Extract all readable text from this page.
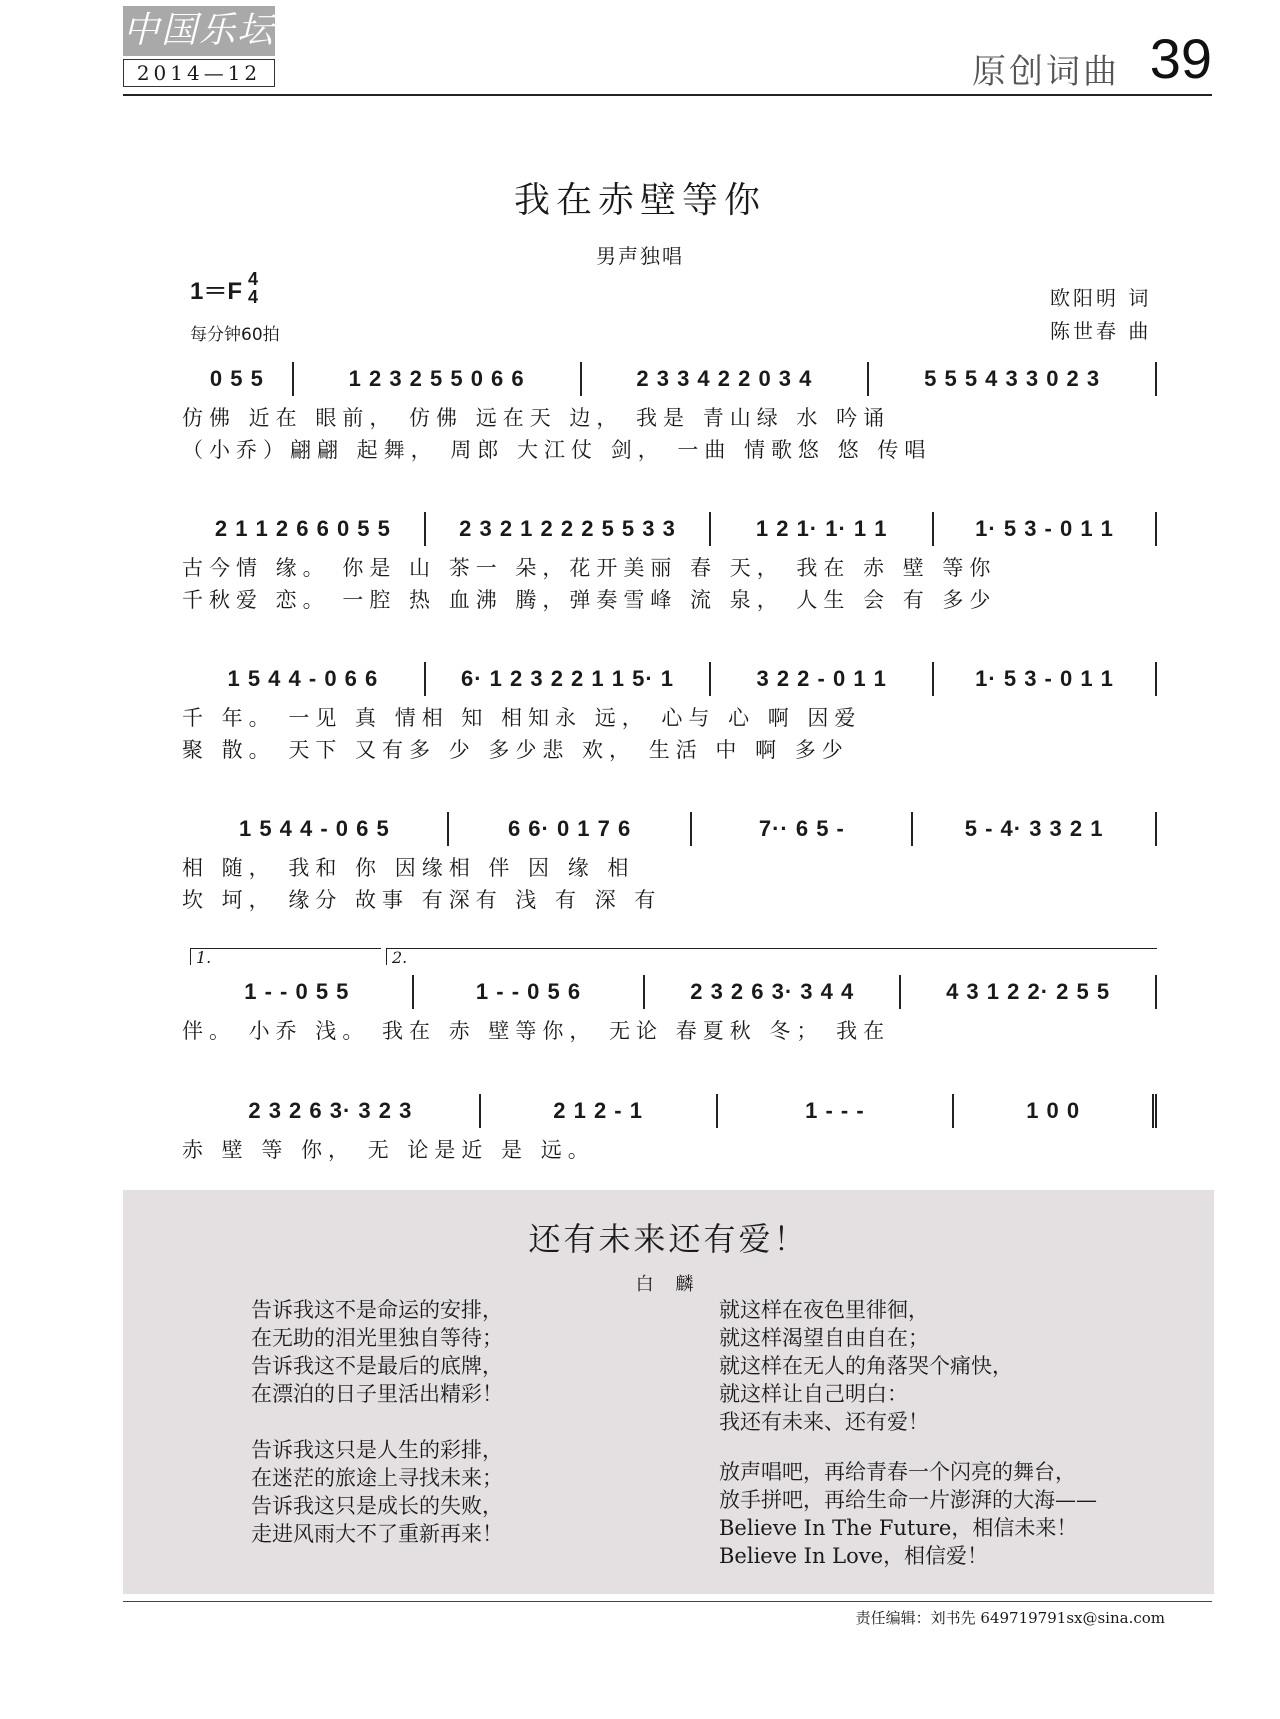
中国乐坛
2014—12	原创词曲 39
我在赤壁等你
男声独唱
1＝F 4
4
每分钟60拍
欧阳明 词
陈世春 曲
0 5 5	1 2 3 2 5 5 0 6 6	2 3 3 4 2 2 0 3 4	5 5 5 4 3 3 0 2 3
仿佛 近在 眼前， 仿佛 远在天 边， 我是 青山绿 水 吟诵
（小乔）翩翩 起舞， 周郎 大江仗 剑， 一曲 情歌悠 悠 传唱
2 1 1 2 6 6 0 5 5	2 3 2 1 2 2 2 5 5 3 3	1 2 1· 1· 1 1	1· 5 3 - 0 1 1
古今情 缘。 你是 山 茶一 朵，花开美丽 春 天， 我在 赤 壁 等你
千秋爱 恋。 一腔 热 血沸 腾，弹奏雪峰 流 泉， 人生 会 有 多少
1 5 4 4 - 0 6 6	6· 1 2 3 2 2 1 1 5· 1	3 2 2 - 0 1 1	1· 5 3 - 0 1 1
千 年。 一见 真 情相 知 相知永 远， 心与 心 啊 因爱
聚 散。 天下 又有多 少 多少悲 欢， 生活 中 啊 多少
1 5 4 4 - 0 6 5	6 6· 0 1 7 6	7·· 6 5 -	5 - 4· 3 3 2 1
相 随， 我和 你 因缘相 伴 因 缘 相
坎 坷， 缘分 故事 有深有 浅 有 深 有
1.	2.
1 - - 0 5 5	1 - - 0 5 6	2 3 2 6 3· 3 4 4	4 3 1 2 2· 2 5 5
伴。 小乔 浅。 我在 赤 壁等你， 无论 春夏秋 冬； 我在
2 3 2 6 3· 3 2 3	2 1 2 - 1	1 - - -	1 0 0
赤 壁 等 你， 无 论是近 是 远。
还有未来还有爱！
白 麟
告诉我这不是命运的安排，
在无助的泪光里独自等待；
告诉我这不是最后的底牌，
在漂泊的日子里活出精彩！
告诉我这只是人生的彩排，
在迷茫的旅途上寻找未来；
告诉我这只是成长的失败，
走进风雨大不了重新再来！
就这样在夜色里徘徊，
就这样渴望自由自在；
就这样在无人的角落哭个痛快，
就这样让自己明白：
我还有未来、还有爱！
放声唱吧，再给青春一个闪亮的舞台，
放手拼吧，再给生命一片澎湃的大海——
Believe In The Future，相信未来！
Believe In Love，相信爱！
责任编辑：刘书先 649719791sx@sina.com
